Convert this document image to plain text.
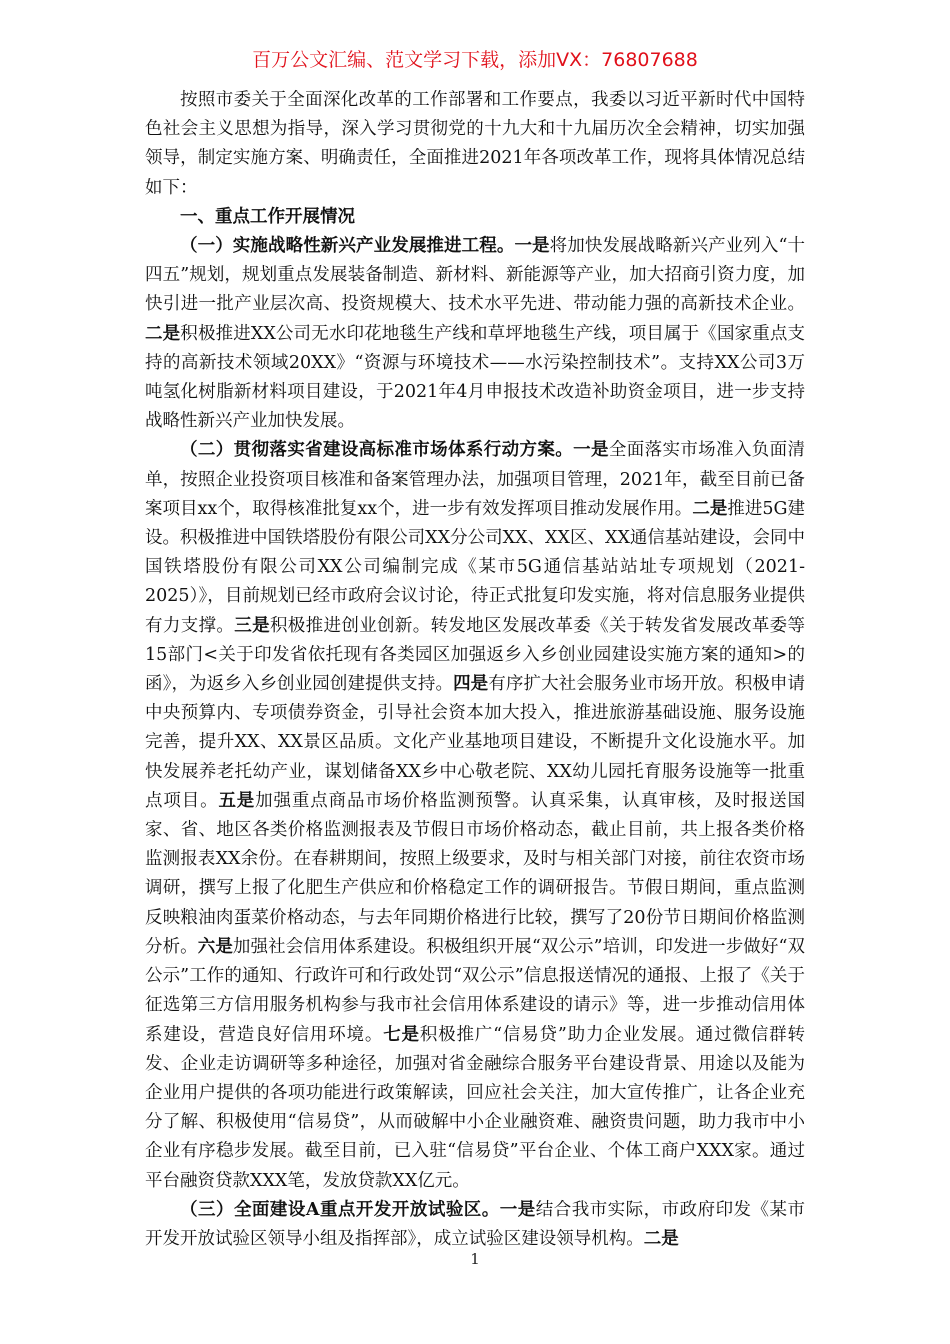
百万公文汇编、范文学习下载，添加VX：76807688

按照市委关于全面深化改革的工作部署和工作要点，我委以习近平新时代中国特色社会主义思想为指导，深入学习贯彻党的十九大和十九届历次全会精神，切实加强领导，制定实施方案、明确责任，全面推进2021年各项改革工作，现将具体情况总结如下：

一、重点工作开展情况

（一）实施战略性新兴产业发展推进工程。一是将加快发展战略新兴产业列入“十四五”规划，规划重点发展装备制造、新材料、新能源等产业，加大招商引资力度，加快引进一批产业层次高、投资规模大、技术水平先进、带动能力强的高新技术企业。二是积极推进XX公司无水印花地毯生产线和草坪地毯生产线，项目属于《国家重点支持的高新技术领域20XX》“资源与环境技术——水污染控制技术”。支持XX公司3万吨氢化树脂新材料项目建设，于2021年4月申报技术改造补助资金项目，进一步支持战略性新兴产业加快发展。

（二）贯彻落实省建设高标准市场体系行动方案。一是全面落实市场准入负面清单，按照企业投资项目核准和备案管理办法，加强项目管理，2021年，截至目前已备案项目xx个，取得核准批复xx个，进一步有效发挥项目推动发展作用。二是推进5G建设。积极推进中国铁塔股份有限公司XX分公司XX、XX区、XX通信基站建设，会同中国铁塔股份有限公司XX公司编制完成《某市5G通信基站站址专项规划（2021-2025）》，目前规划已经市政府会议讨论，待正式批复印发实施，将对信息服务业提供有力支撑。三是积极推进创业创新。转发地区发展改革委《关于转发省发展改革委等15部门<关于印发省依托现有各类园区加强返乡入乡创业园建设实施方案的通知>的函》，为返乡入乡创业园创建提供支持。四是有序扩大社会服务业市场开放。积极申请中央预算内、专项债券资金，引导社会资本加大投入，推进旅游基础设施、服务设施完善，提升XX、XX景区品质。文化产业基地项目建设，不断提升文化设施水平。加快发展养老托幼产业，谋划储备XX乡中心敬老院、XX幼儿园托育服务设施等一批重点项目。五是加强重点商品市场价格监测预警。认真采集，认真审核，及时报送国家、省、地区各类价格监测报表及节假日市场价格动态，截止目前，共上报各类价格监测报表XX余份。在春耕期间，按照上级要求，及时与相关部门对接，前往农资市场调研，撰写上报了化肥生产供应和价格稳定工作的调研报告。节假日期间，重点监测反映粮油肉蛋菜价格动态，与去年同期价格进行比较，撰写了20份节日期间价格监测分析。六是加强社会信用体系建设。积极组织开展“双公示”培训，印发进一步做好“双公示”工作的通知、行政许可和行政处罚“双公示”信息报送情况的通报、上报了《关于征选第三方信用服务机构参与我市社会信用体系建设的请示》等，进一步推动信用体系建设，营造良好信用环境。七是积极推广“信易贷”助力企业发展。通过微信群转发、企业走访调研等多种途径，加强对省金融综合服务平台建设背景、用途以及能为企业用户提供的各项功能进行政策解读，回应社会关注，加大宣传推广，让各企业充分了解、积极使用“信易贷”，从而破解中小企业融资难、融资贵问题，助力我市中小企业有序稳步发展。截至目前，已入驻“信易贷”平台企业、个体工商户XXX家。通过平台融资贷款XXX笔，发放贷款XX亿元。

（三）全面建设A重点开发开放试验区。一是结合我市实际，市政府印发《某市开发开放试验区领导小组及指挥部》，成立试验区建设领导机构。二是

1
